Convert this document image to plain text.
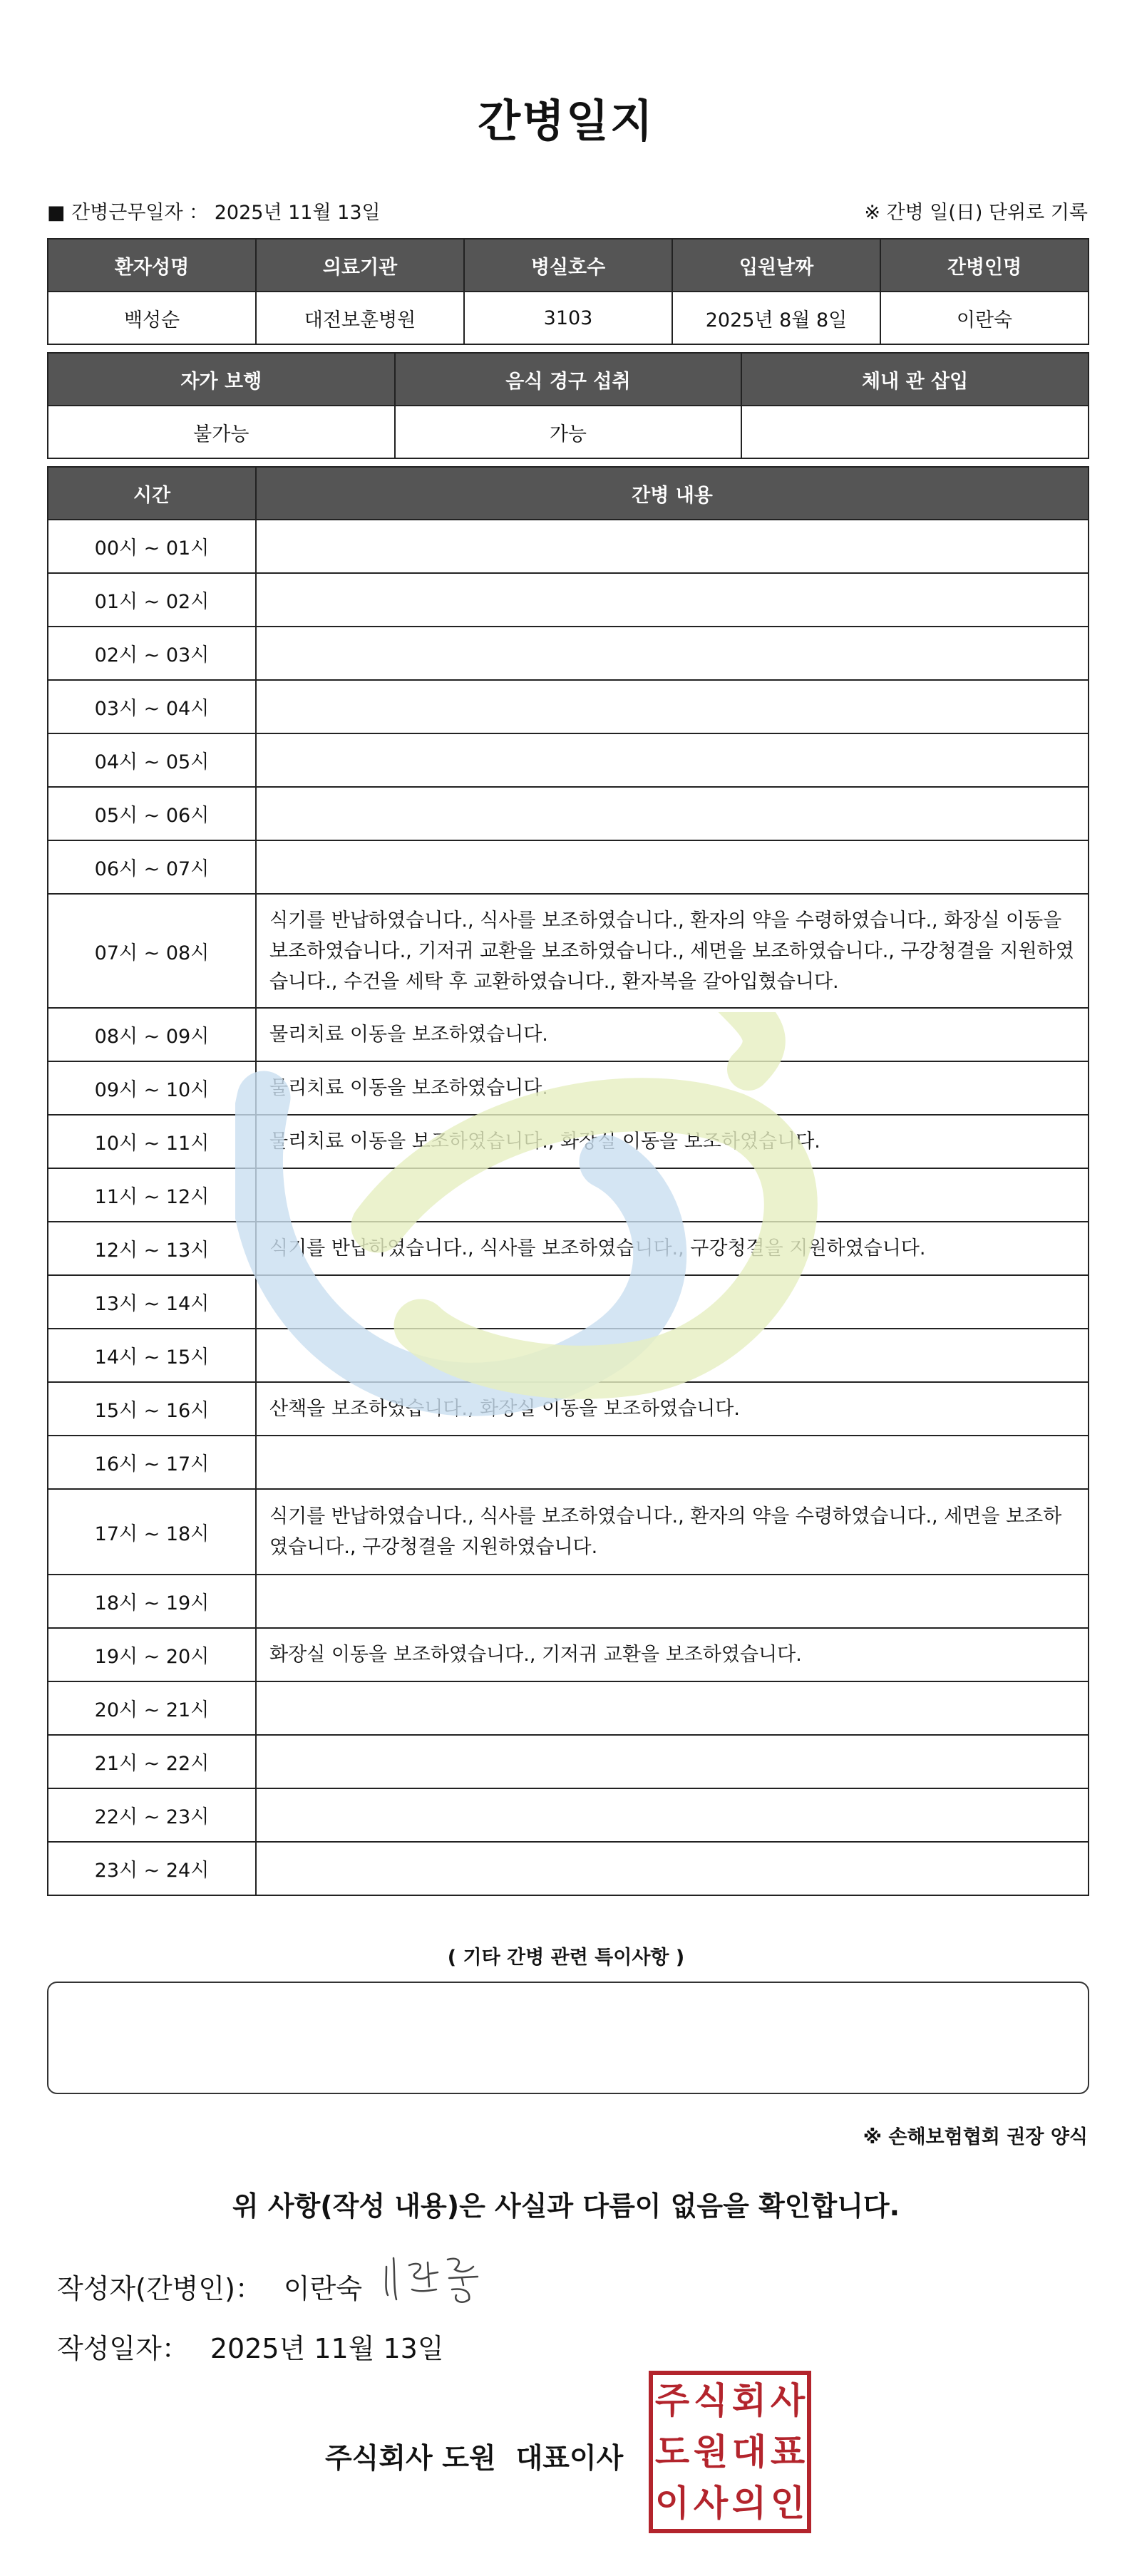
간병일지
■ 간병근무일자 ： 2025년 11월 13일	※ 간병 일(日) 단위로 기록
환자성명	의료기관	병실호수	입원날짜	간병인명
백성순	대전보훈병원	3103	2025년 8월 8일	이란숙
자가 보행	음식 경구 섭취	체내 관 삽입
불가능	가능	
시간	간병 내용
00시 ~ 01시	
01시 ~ 02시	
02시 ~ 03시	
03시 ~ 04시	
04시 ~ 05시	
05시 ~ 06시	
06시 ~ 07시	
07시 ~ 08시	식기를 반납하였습니다., 식사를 보조하였습니다., 환자의 약을 수령하였습니다., 화장실 이동을 보조하였습니다., 기저귀 교환을 보조하였습니다., 세면을 보조하였습니다., 구강청결을 지원하였습니다., 수건을 세탁 후 교환하였습니다., 환자복을 갈아입혔습니다.
08시 ~ 09시	물리치료 이동을 보조하였습니다.
09시 ~ 10시	물리치료 이동을 보조하였습니다.
10시 ~ 11시	물리치료 이동을 보조하였습니다., 화장실 이동을 보조하였습니다.
11시 ~ 12시	
12시 ~ 13시	식기를 반납하였습니다., 식사를 보조하였습니다., 구강청결을 지원하였습니다.
13시 ~ 14시	
14시 ~ 15시	
15시 ~ 16시	산책을 보조하였습니다., 화장실 이동을 보조하였습니다.
16시 ~ 17시	
17시 ~ 18시	식기를 반납하였습니다., 식사를 보조하였습니다., 환자의 약을 수령하였습니다., 세면을 보조하였습니다., 구강청결을 지원하였습니다.
18시 ~ 19시	
19시 ~ 20시	화장실 이동을 보조하였습니다., 기저귀 교환을 보조하였습니다.
20시 ~ 21시	
21시 ~ 22시	
22시 ~ 23시	
23시 ~ 24시	
( 기타 간병 관련 특이사항 )
※ 손해보험협회 권장 양식
위 사항(작성 내용)은 사실과 다름이 없음을 확인합니다.
작성자(간병인)： 이란숙
작성일자： 2025년 11월 13일
주식회사 도원 대표이사
주 식 회 사
도 원 대 표
이 사 의 인
